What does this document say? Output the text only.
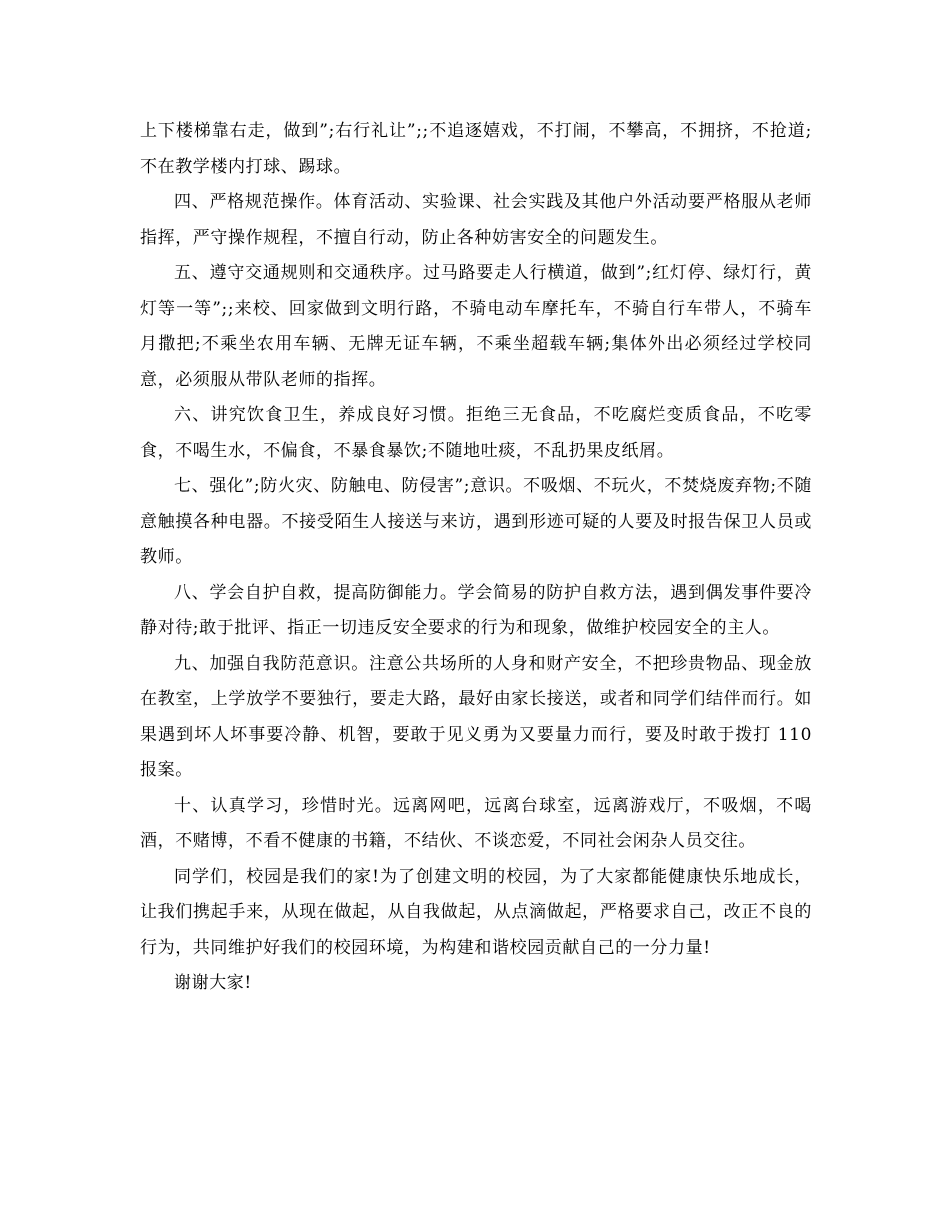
上下楼梯靠右走，做到”;右行礼让”;;不追逐嬉戏，不打闹，不攀高，不拥挤，不抢道;不在教学楼内打球、踢球。

四、严格规范操作。体育活动、实验课、社会实践及其他户外活动要严格服从老师指挥，严守操作规程，不擅自行动，防止各种妨害安全的问题发生。

五、遵守交通规则和交通秩序。过马路要走人行横道，做到”;红灯停、绿灯行，黄灯等一等”;;来校、回家做到文明行路，不骑电动车摩托车，不骑自行车带人，不骑车月撒把;不乘坐农用车辆、无牌无证车辆，不乘坐超载车辆;集体外出必须经过学校同意，必须服从带队老师的指挥。

六、讲究饮食卫生，养成良好习惯。拒绝三无食品，不吃腐烂变质食品，不吃零食，不喝生水，不偏食，不暴食暴饮;不随地吐痰，不乱扔果皮纸屑。

七、强化”;防火灾、防触电、防侵害”;意识。不吸烟、不玩火，不焚烧废弃物;不随意触摸各种电器。不接受陌生人接送与来访，遇到形迹可疑的人要及时报告保卫人员或教师。

八、学会自护自救，提高防御能力。学会简易的防护自救方法，遇到偶发事件要冷静对待;敢于批评、指正一切违反安全要求的行为和现象，做维护校园安全的主人。

九、加强自我防范意识。注意公共场所的人身和财产安全，不把珍贵物品、现金放在教室，上学放学不要独行，要走大路，最好由家长接送，或者和同学们结伴而行。如果遇到坏人坏事要冷静、机智，要敢于见义勇为又要量力而行，要及时敢于拨打 110 报案。

十、认真学习，珍惜时光。远离网吧，远离台球室，远离游戏厅，不吸烟，不喝酒，不赌博，不看不健康的书籍，不结伙、不谈恋爱，不同社会闲杂人员交往。

同学们，校园是我们的家!为了创建文明的校园，为了大家都能健康快乐地成长，让我们携起手来，从现在做起，从自我做起，从点滴做起，严格要求自己，改正不良的行为，共同维护好我们的校园环境，为构建和谐校园贡献自己的一分力量!

谢谢大家!
